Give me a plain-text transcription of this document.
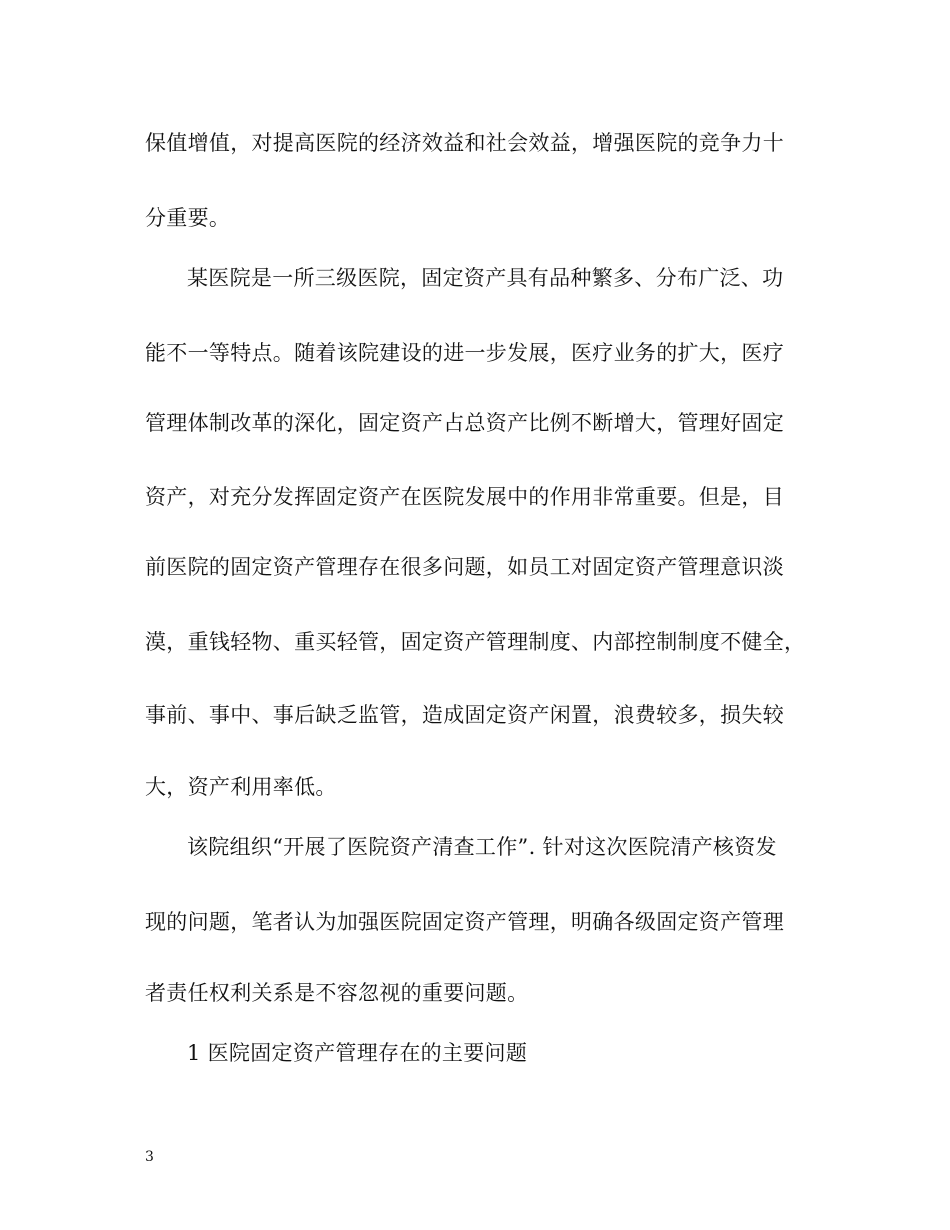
保值增值，对提高医院的经济效益和社会效益，增强医院的竞争力十
分重要。
某医院是一所三级医院，固定资产具有品种繁多、分布广泛、功
能不一等特点。随着该院建设的进一步发展，医疗业务的扩大，医疗
管理体制改革的深化，固定资产占总资产比例不断增大，管理好固定
资产，对充分发挥固定资产在医院发展中的作用非常重要。但是，目
前医院的固定资产管理存在很多问题，如员工对固定资产管理意识淡
漠，重钱轻物、重买轻管，固定资产管理制度、内部控制制度不健全，
事前、事中、事后缺乏监管，造成固定资产闲置，浪费较多，损失较
大，资产利用率低。
该院组织“开展了医院资产清查工作”. 针对这次医院清产核资发
现的问题，笔者认为加强医院固定资产管理，明确各级固定资产管理
者责任权利关系是不容忽视的重要问题。
1 医院固定资产管理存在的主要问题
3
